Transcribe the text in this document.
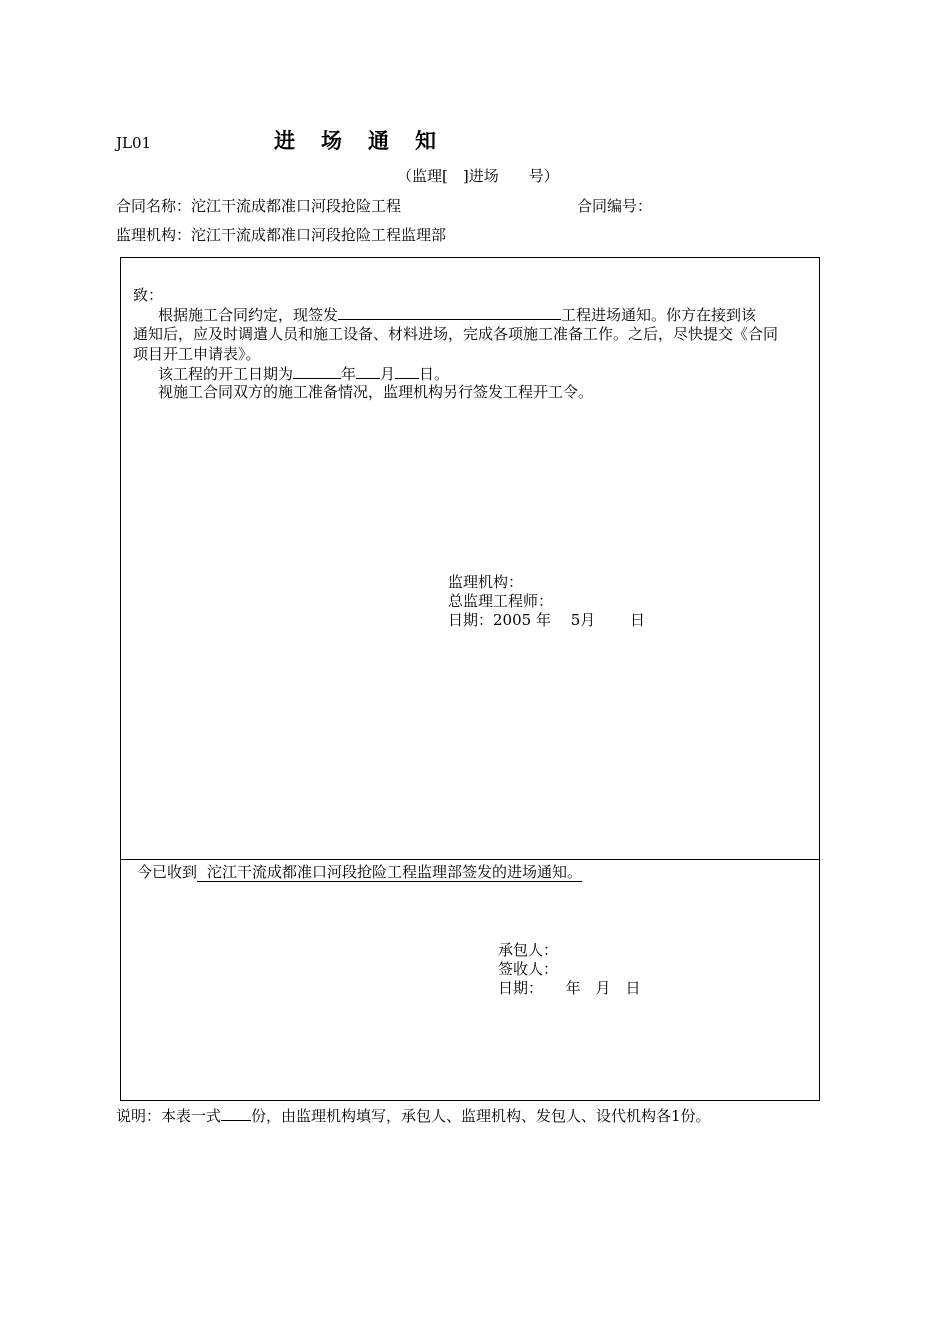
JL01	进 场 通 知
（监理[　]进场　　号）
合同名称：沱江干流成都准口河段抢险工程	合同编号：
监理机构：沱江干流成都准口河段抢险工程监理部
致：
根据施工合同约定，现签发	工程进场通知。你方在接到该
通知后，应及时调遣人员和施工设备、材料进场，完成各项施工准备工作。之后，尽快提交《合同
项目开工申请表》。
该工程的开工日期为	年 月 日。
视施工合同双方的施工准备情况，监理机构另行签发工程开工令。
监理机构：
总监理工程师：
日期：2005 年　 5月　　 日
今已收到 沱江干流成都准口河段抢险工程监理部签发的进场通知。
承包人：
签收人：
日期：　　年　月　日
说明：本表一式 份，由监理机构填写，承包人、监理机构、发包人、设代机构各1份。
